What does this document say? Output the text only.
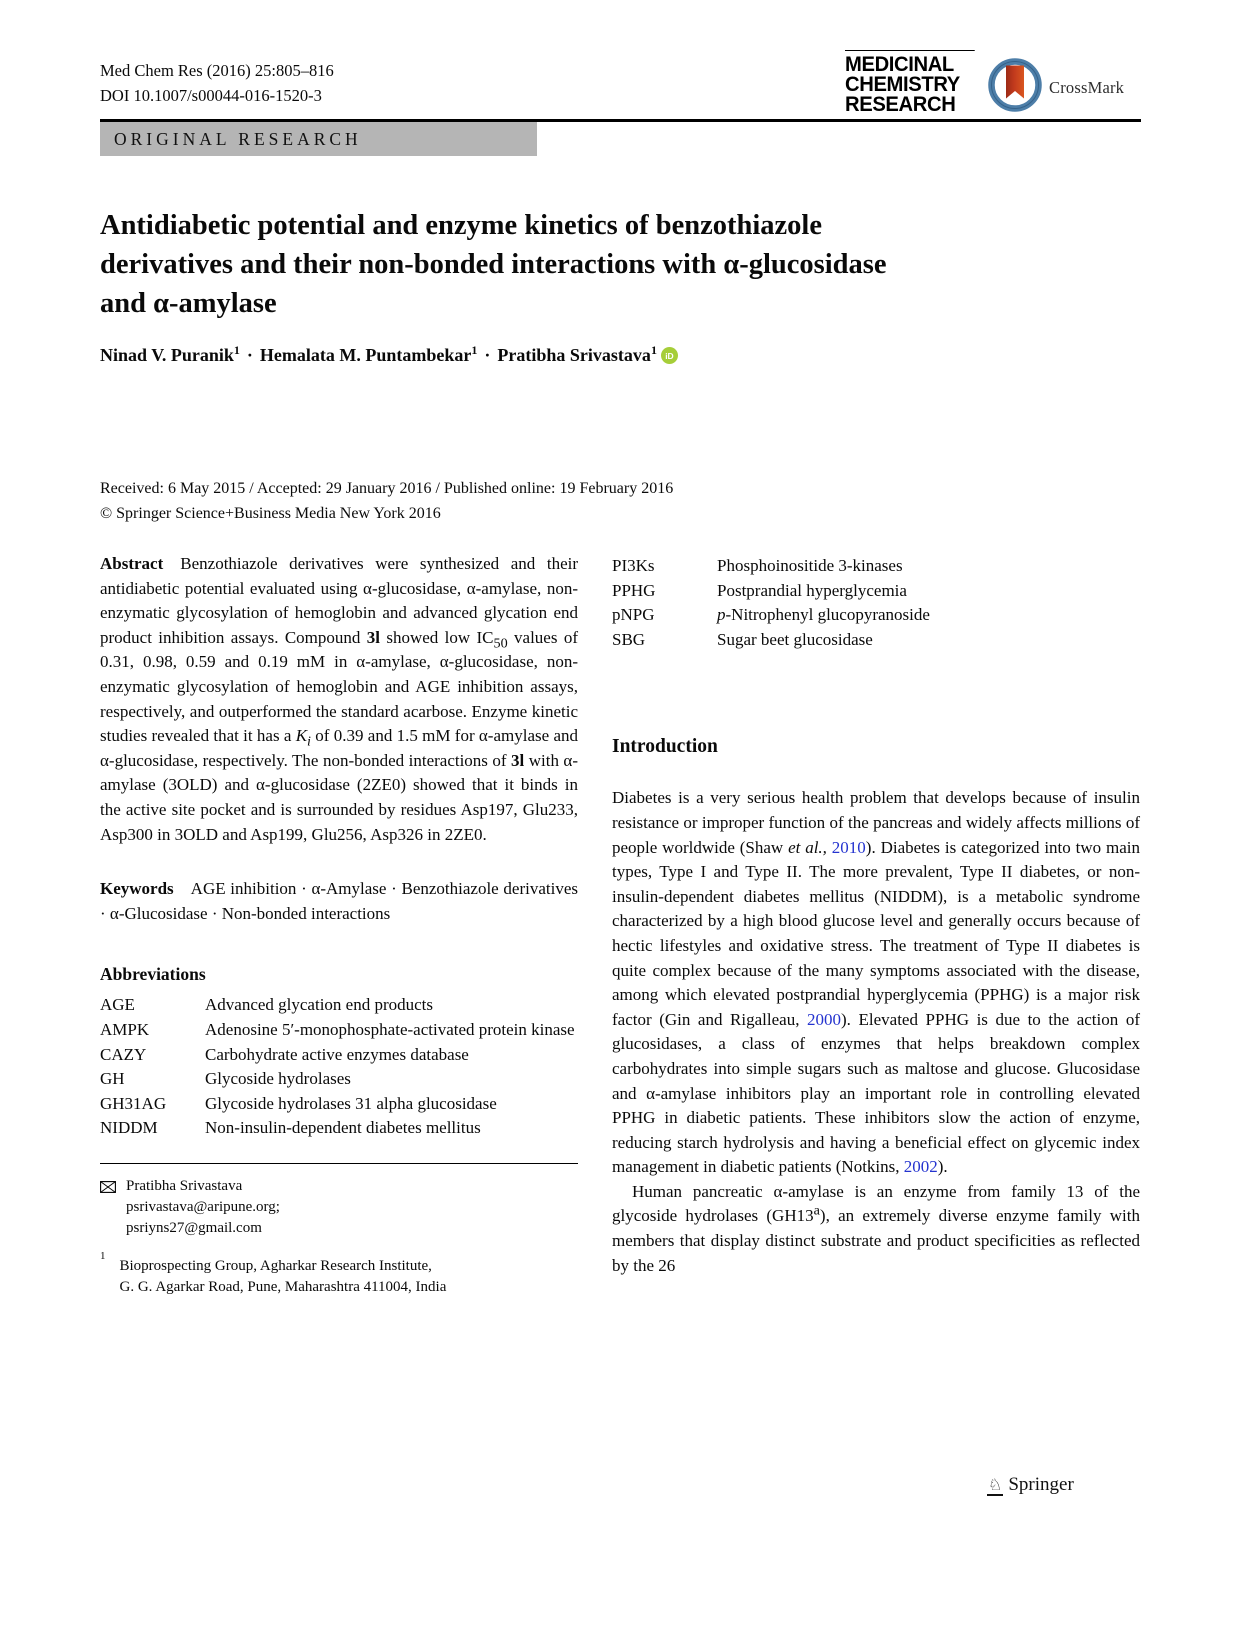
Med Chem Res (2016) 25:805–816
DOI 10.1007/s00044-016-1520-3
MEDICINAL
CHEMISTRY
RESEARCH
CrossMark
ORIGINAL RESEARCH
Antidiabetic potential and enzyme kinetics of benzothiazole
derivatives and their non-bonded interactions with α-glucosidase
and α-amylase
Ninad V. Puranik$^1$ · Hemalata M. Puntambekar$^1$ · Pratibha Srivastava$^1$ iD
Received: 6 May 2015 / Accepted: 29 January 2016 / Published online: 19 February 2016
© Springer Science+Business Media New York 2016

Abstract Benzothiazole derivatives were synthesized and their antidiabetic potential evaluated using α-glucosidase, α-amylase, non-enzymatic glycosylation of hemoglobin and advanced glycation end product inhibition assays. Compound 3l showed low $IC_{50}$ values of 0.31, 0.98, 0.59 and 0.19 mM in α-amylase, α-glucosidase, non-enzymatic glycosylation of hemoglobin and AGE inhibition assays, respectively, and outperformed the standard acarbose. Enzyme kinetic studies revealed that it has a $K_i$ of 0.39 and 1.5 mM for α-amylase and α-glucosidase, respectively. The non-bonded interactions of 3l with α-amylase (3OLD) and α-glucosidase (2ZE0) showed that it binds in the active site pocket and is surrounded by residues Asp197, Glu233, Asp300 in 3OLD and Asp199, Glu256, Asp326 in 2ZE0.

Keywords AGE inhibition · α-Amylase · Benzothiazole derivatives · α-Glucosidase · Non-bonded interactions

Abbreviations
AGE	Advanced glycation end products
AMPK	Adenosine 5′-monophosphate-activated protein kinase
CAZY	Carbohydrate active enzymes database
GH	Glycoside hydrolases
GH31AG	Glycoside hydrolases 31 alpha glucosidase
NIDDM	Non-insulin-dependent diabetes mellitus
Pratibha Srivastava
psrivastava@aripune.org;
psriyns27@gmail.com
1
Bioprospecting Group, Agharkar Research Institute,
G. G. Agarkar Road, Pune, Maharashtra 411004, India
PI3Ks	Phosphoinositide 3-kinases
PPHG	Postprandial hyperglycemia
pNPG	p-Nitrophenyl glucopyranoside
SBG	Sugar beet glucosidase
Introduction

Diabetes is a very serious health problem that develops because of insulin resistance or improper function of the pancreas and widely affects millions of people worldwide (Shaw et al., 2010). Diabetes is categorized into two main types, Type I and Type II. The more prevalent, Type II diabetes, or non-insulin-dependent diabetes mellitus (NIDDM), is a metabolic syndrome characterized by a high blood glucose level and generally occurs because of hectic lifestyles and oxidative stress. The treatment of Type II diabetes is quite complex because of the many symptoms associated with the disease, among which elevated postprandial hyperglycemia (PPHG) is a major risk factor (Gin and Rigalleau, 2000). Elevated PPHG is due to the action of glucosidases, a class of enzymes that helps breakdown complex carbohydrates into simple sugars such as maltose and glucose. Glucosidase and α-amylase inhibitors play an important role in controlling elevated PPHG in diabetic patients. These inhibitors slow the action of enzyme, reducing starch hydrolysis and having a beneficial effect on glycemic index management in diabetic patients (Notkins, 2002).

Human pancreatic α-amylase is an enzyme from family 13 of the glycoside hydrolases (GH13$^a$), an extremely diverse enzyme family with members that display distinct substrate and product specificities as reflected by the 26

♘ Springer
